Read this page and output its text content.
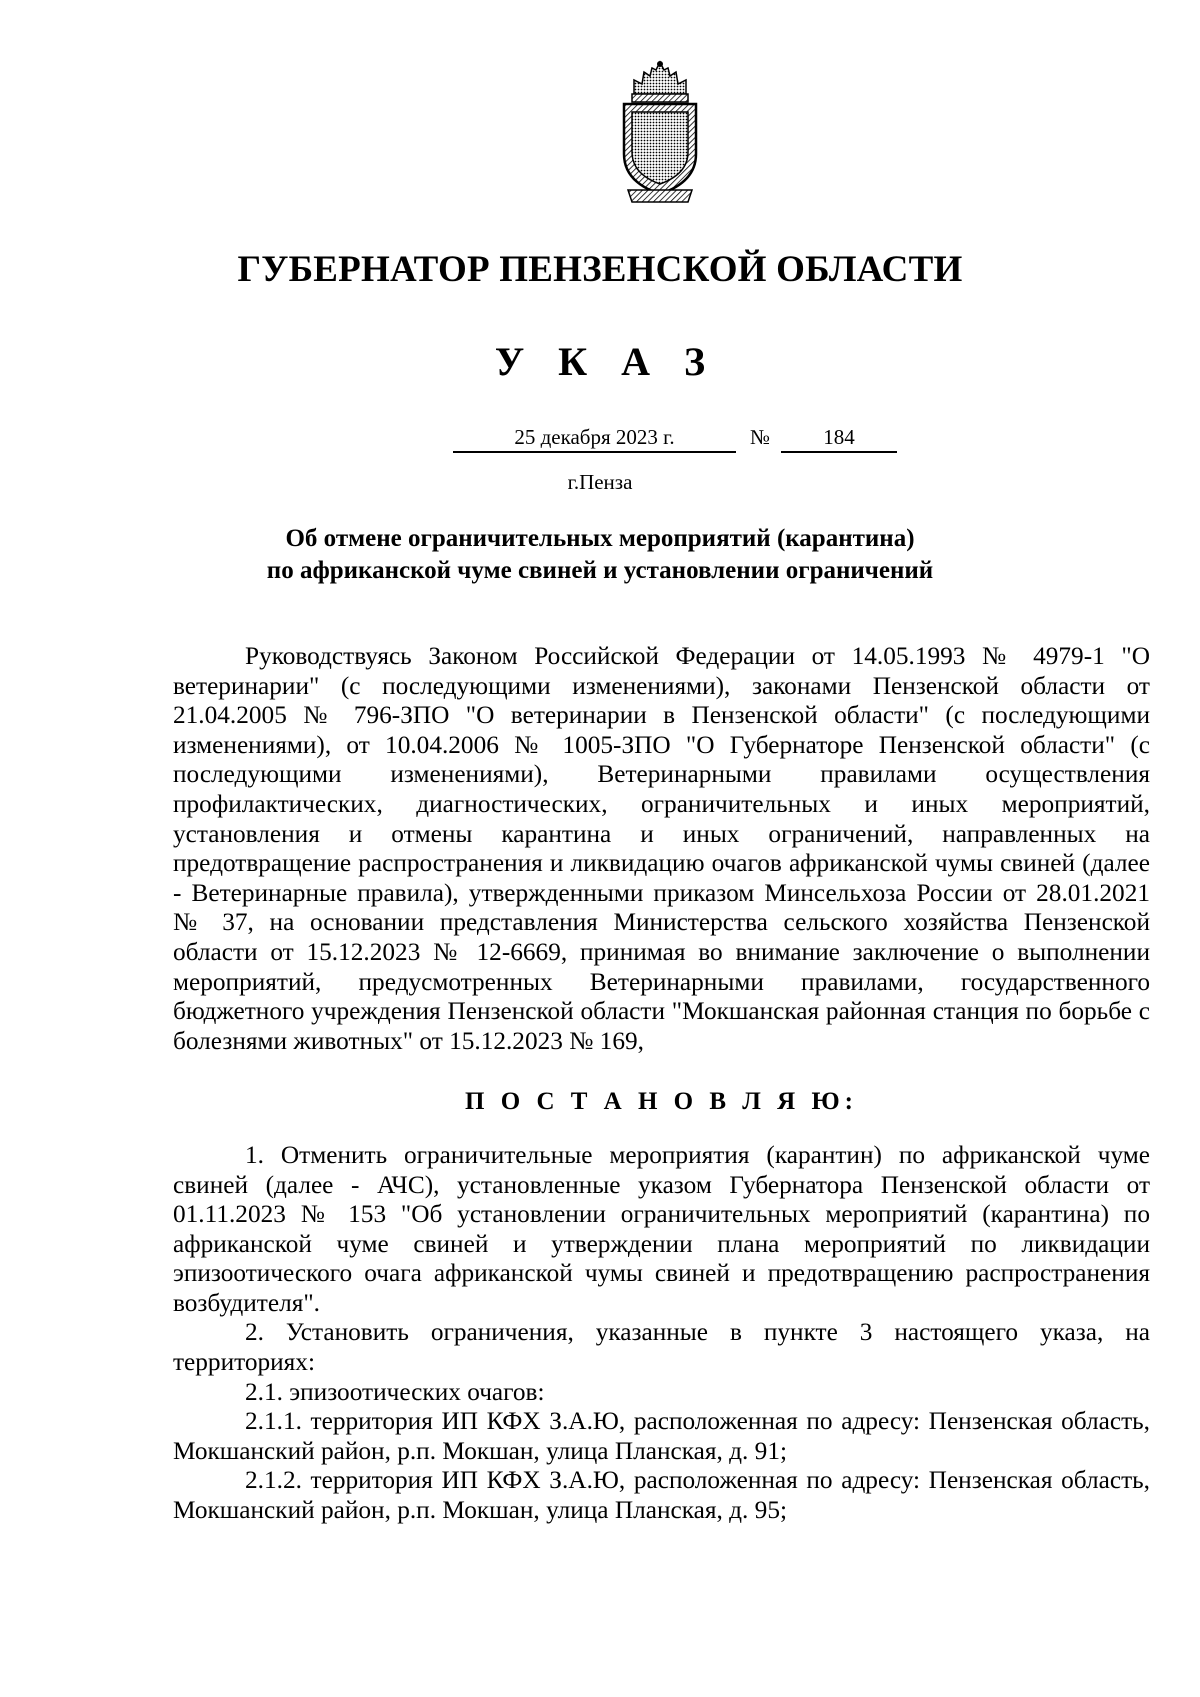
ГУБЕРНАТОР ПЕНЗЕНСКОЙ ОБЛАСТИ
У К А З
25 декабря 2023 г.	№	184
г.Пенза
Об отмене ограничительных мероприятий (карантина)
по африканской чуме свиней и установлении ограничений

Руководствуясь Законом Российской Федерации от 14.05.1993 № 4979-1 "О ветеринарии" (с последующими изменениями), законами Пензенской области от 21.04.2005 № 796-ЗПО "О ветеринарии в Пензенской области" (с последующими изменениями), от 10.04.2006 № 1005-ЗПО "О Губернаторе Пензенской области" (с последующими изменениями), Ветеринарными правилами осуществления профилактических, диагностических, ограничительных и иных мероприятий, установления и отмены карантина и иных ограничений, направленных на предотвращение распространения и ликвидацию очагов африканской чумы свиней (далее - Ветеринарные правила), утвержденными приказом Минсельхоза России от 28.01.2021 № 37, на основании представления Министерства сельского хозяйства Пензенской области от 15.12.2023 № 12-6669, принимая во внимание заключение о выполнении мероприятий, предусмотренных Ветеринарными правилами, государственного бюджетного учреждения Пензенской области "Мокшанская районная станция по борьбе с болезнями животных" от 15.12.2023 № 169,

П О С Т А Н О В Л Я Ю:

1. Отменить ограничительные мероприятия (карантин) по африканской чуме свиней (далее - АЧС), установленные указом Губернатора Пензенской области от 01.11.2023 № 153 "Об установлении ограничительных мероприятий (карантина) по африканской чуме свиней и утверждении плана мероприятий по ликвидации эпизоотического очага африканской чумы свиней и предотвращению распространения возбудителя".

2. Установить ограничения, указанные в пункте 3 настоящего указа, на территориях:

2.1. эпизоотических очагов:

2.1.1. территория ИП КФХ З.А.Ю, расположенная по адресу: Пензенская область, Мокшанский район, р.п. Мокшан, улица Планская, д. 91;

2.1.2. территория ИП КФХ З.А.Ю, расположенная по адресу: Пензенская область, Мокшанский район, р.п. Мокшан, улица Планская, д. 95;
